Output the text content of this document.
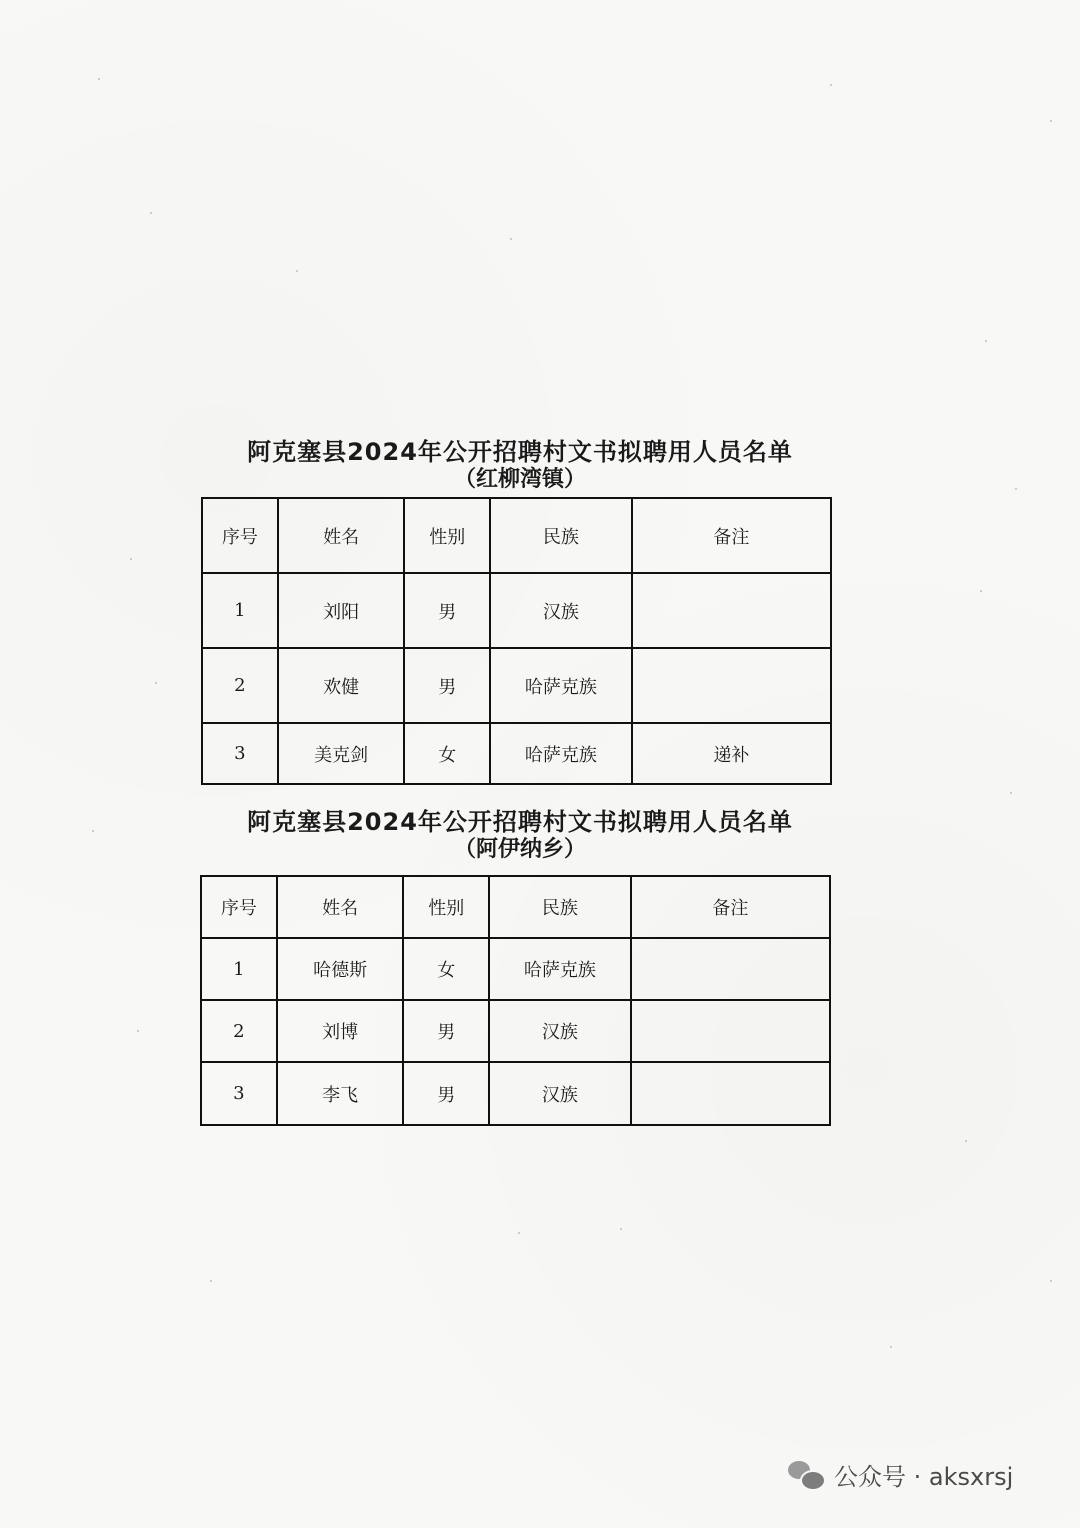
阿克塞县2024年公开招聘村文书拟聘用人员名单
（红柳湾镇）
序号	姓名	性别	民族	备注
1	刘阳	男	汉族	
2	欢健	男	哈萨克族	
3	美克剑	女	哈萨克族	递补
阿克塞县2024年公开招聘村文书拟聘用人员名单
（阿伊纳乡）
序号	姓名	性别	民族	备注
1	哈德斯	女	哈萨克族	
2	刘博	男	汉族	
3	李飞	男	汉族	
公众号 · aksxrsj
